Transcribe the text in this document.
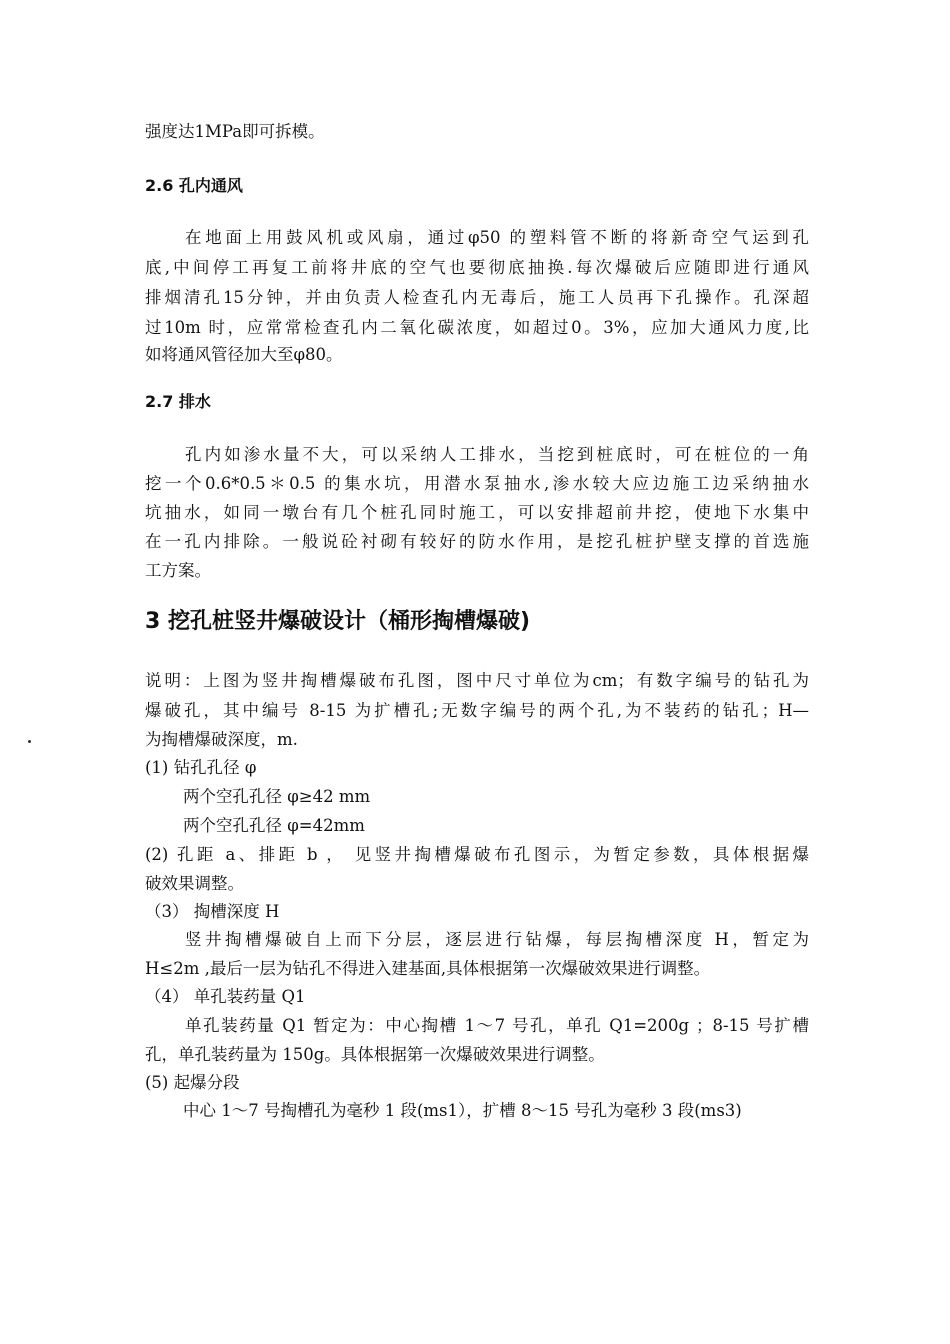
强度达1MPa即可拆模。
2.6 孔内通风
在地面上用鼓风机或风扇，通过φ50 的塑料管不断的将新奇空气运到孔
底,中间停工再复工前将井底的空气也要彻底抽换.每次爆破后应随即进行通风
排烟清孔15分钟，并由负责人检查孔内无毒后，施工人员再下孔操作。孔深超
过10m 时，应常常检查孔内二氧化碳浓度，如超过0。3%，应加大通风力度,比
如将通风管径加大至φ80。
2.7 排水
孔内如渗水量不大，可以采纳人工排水，当挖到桩底时，可在桩位的一角
挖一个0.6*0.5＊0.5 的集水坑，用潜水泵抽水,渗水较大应边施工边采纳抽水
坑抽水，如同一墩台有几个桩孔同时施工，可以安排超前井挖，使地下水集中
在一孔内排除。一般说砼衬砌有较好的防水作用，是挖孔桩护壁支撑的首选施
工方案。
3 挖孔桩竖井爆破设计（桶形掏槽爆破)
说明：上图为竖井掏槽爆破布孔图，图中尺寸单位为cm；有数字编号的钻孔为
爆破孔，其中编号 8-15 为扩槽孔;无数字编号的两个孔,为不装药的钻孔；H—
为掏槽爆破深度，m.
(1) 钻孔孔径 φ
两个空孔孔径 φ≥42 mm
两个空孔孔径 φ=42mm
(2) 孔距 a、排距 b ， 见竖井掏槽爆破布孔图示，为暂定参数，具体根据爆
破效果调整。
（3） 掏槽深度 H
竖井掏槽爆破自上而下分层，逐层进行钻爆，每层掏槽深度 H，暂定为
H≤2m ,最后一层为钻孔不得进入建基面,具体根据第一次爆破效果进行调整。
（4） 单孔装药量 Q1
单孔装药量 Q1 暂定为：中心掏槽 1～7 号孔，单孔 Q1=200g ；8-15 号扩槽
孔，单孔装药量为 150g。具体根据第一次爆破效果进行调整。
(5) 起爆分段
中心 1～7 号掏槽孔为毫秒 1 段(ms1），扩槽 8～15 号孔为毫秒 3 段(ms3)
